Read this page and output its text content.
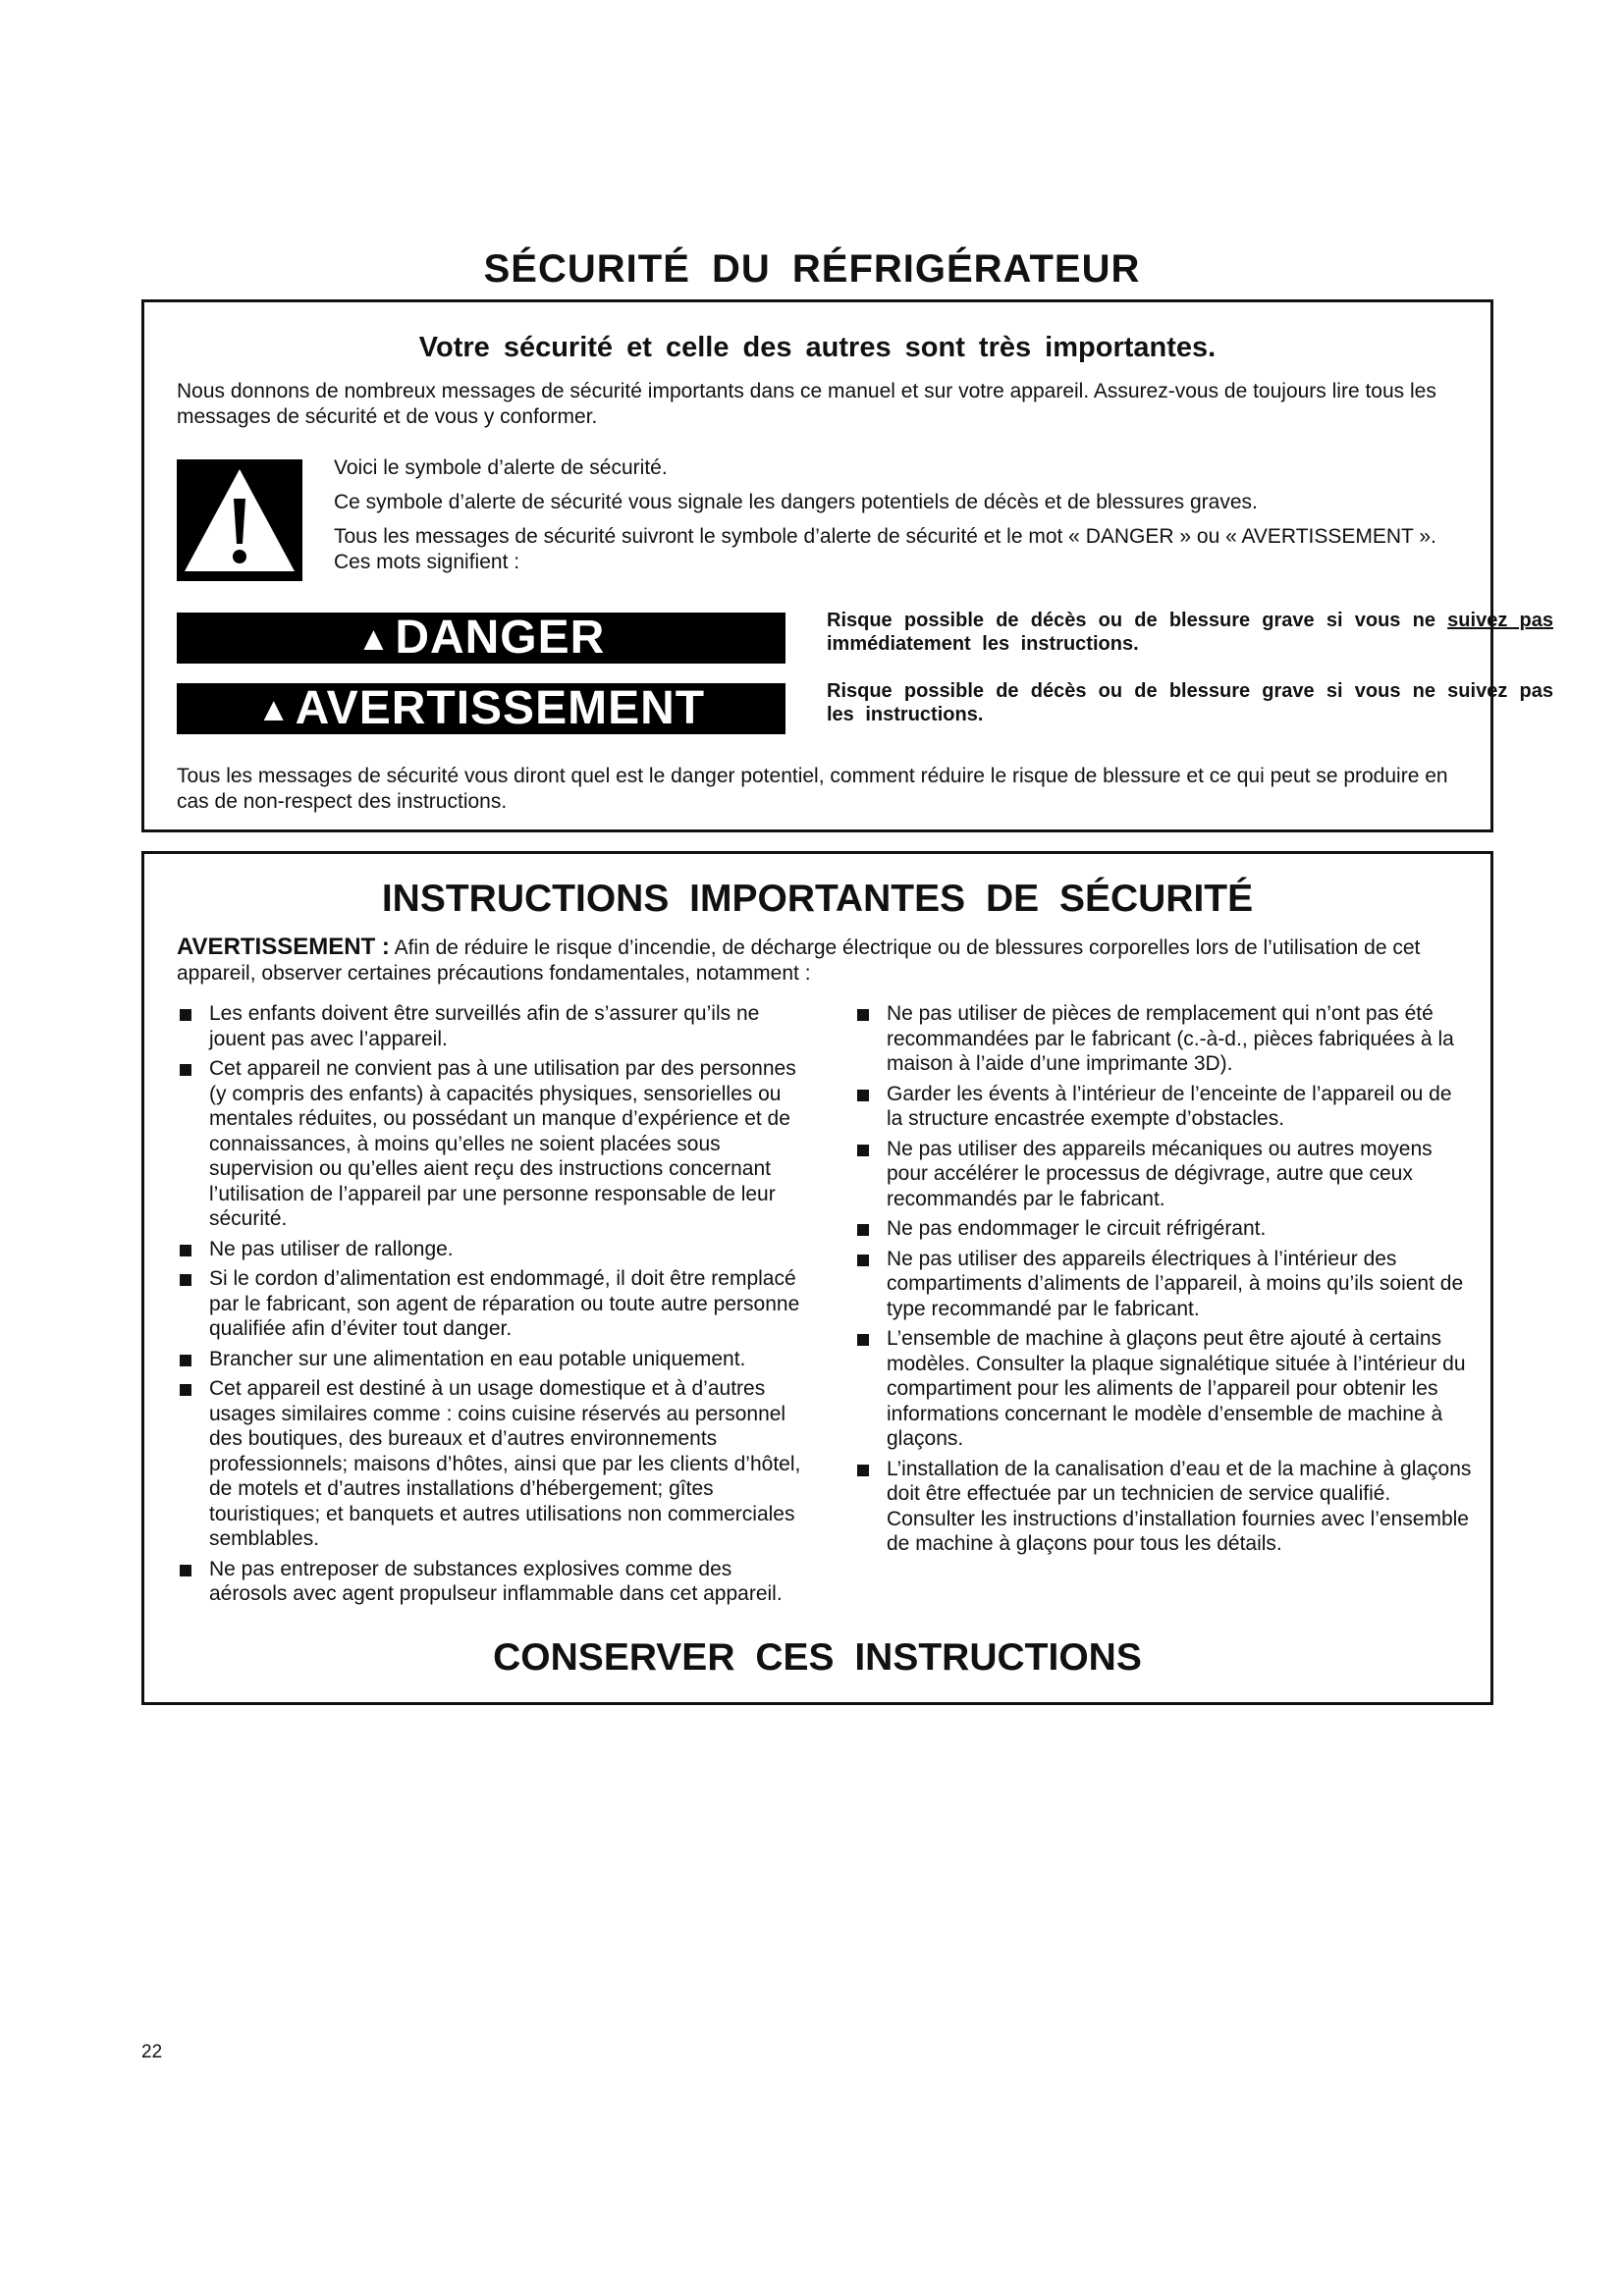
SÉCURITÉ DU RÉFRIGÉRATEUR
Votre sécurité et celle des autres sont très importantes.
Nous donnons de nombreux messages de sécurité importants dans ce manuel et sur votre appareil. Assurez-vous de toujours lire tous les messages de sécurité et de vous y conformer.

Voici le symbole d’alerte de sécurité.

Ce symbole d’alerte de sécurité vous signale les dangers potentiels de décès et de blessures graves.

Tous les messages de sécurité suivront le symbole d’alerte de sécurité et le mot « DANGER » ou « AVERTISSEMENT ». Ces mots signifient :

▲DANGER	Risque possible de décès ou de blessure grave si vous ne suivez pas immédiatement les instructions.
▲AVERTISSEMENT	Risque possible de décès ou de blessure grave si vous ne suivez pas les instructions.
Tous les messages de sécurité vous diront quel est le danger potentiel, comment réduire le risque de blessure et ce qui peut se produire en cas de non-respect des instructions.
INSTRUCTIONS IMPORTANTES DE SÉCURITÉ
AVERTISSEMENT : Afin de réduire le risque d’incendie, de décharge électrique ou de blessures corporelles lors de l’utilisation de cet appareil, observer certaines précautions fondamentales, notamment :
Les enfants doivent être surveillés afin de s’assurer qu’ils ne jouent pas avec l’appareil.
Cet appareil ne convient pas à une utilisation par des personnes (y compris des enfants) à capacités physiques, sensorielles ou mentales réduites, ou possédant un manque d’expérience et de connaissances, à moins qu’elles ne soient placées sous supervision ou qu’elles aient reçu des instructions concernant l’utilisation de l’appareil par une personne responsable de leur sécurité.
Ne pas utiliser de rallonge.
Si le cordon d’alimentation est endommagé, il doit être remplacé par le fabricant, son agent de réparation ou toute autre personne qualifiée afin d’éviter tout danger.
Brancher sur une alimentation en eau potable uniquement.
Cet appareil est destiné à un usage domestique et à d’autres usages similaires comme : coins cuisine réservés au personnel des boutiques, des bureaux et d’autres environnements professionnels; maisons d’hôtes, ainsi que par les clients d’hôtel, de motels et d’autres installations d’hébergement; gîtes touristiques; et banquets et autres utilisations non commerciales semblables.
Ne pas entreposer de substances explosives comme des aérosols avec agent propulseur inflammable dans cet appareil.
Ne pas utiliser de pièces de remplacement qui n’ont pas été recommandées par le fabricant (c.-à-d., pièces fabriquées à la maison à l’aide d’une imprimante 3D).
Garder les évents à l’intérieur de l’enceinte de l’appareil ou de la structure encastrée exempte d’obstacles.
Ne pas utiliser des appareils mécaniques ou autres moyens pour accélérer le processus de dégivrage, autre que ceux recommandés par le fabricant.
Ne pas endommager le circuit réfrigérant.
Ne pas utiliser des appareils électriques à l’intérieur des compartiments d’aliments de l’appareil, à moins qu’ils soient de type recommandé par le fabricant.
L’ensemble de machine à glaçons peut être ajouté à certains modèles. Consulter la plaque signalétique située à l’intérieur du compartiment pour les aliments de l’appareil pour obtenir les informations concernant le modèle d’ensemble de machine à glaçons.
L’installation de la canalisation d’eau et de la machine à glaçons doit être effectuée par un technicien de service qualifié. Consulter les instructions d’installation fournies avec l’ensemble de machine à glaçons pour tous les détails.
CONSERVER CES INSTRUCTIONS
22
